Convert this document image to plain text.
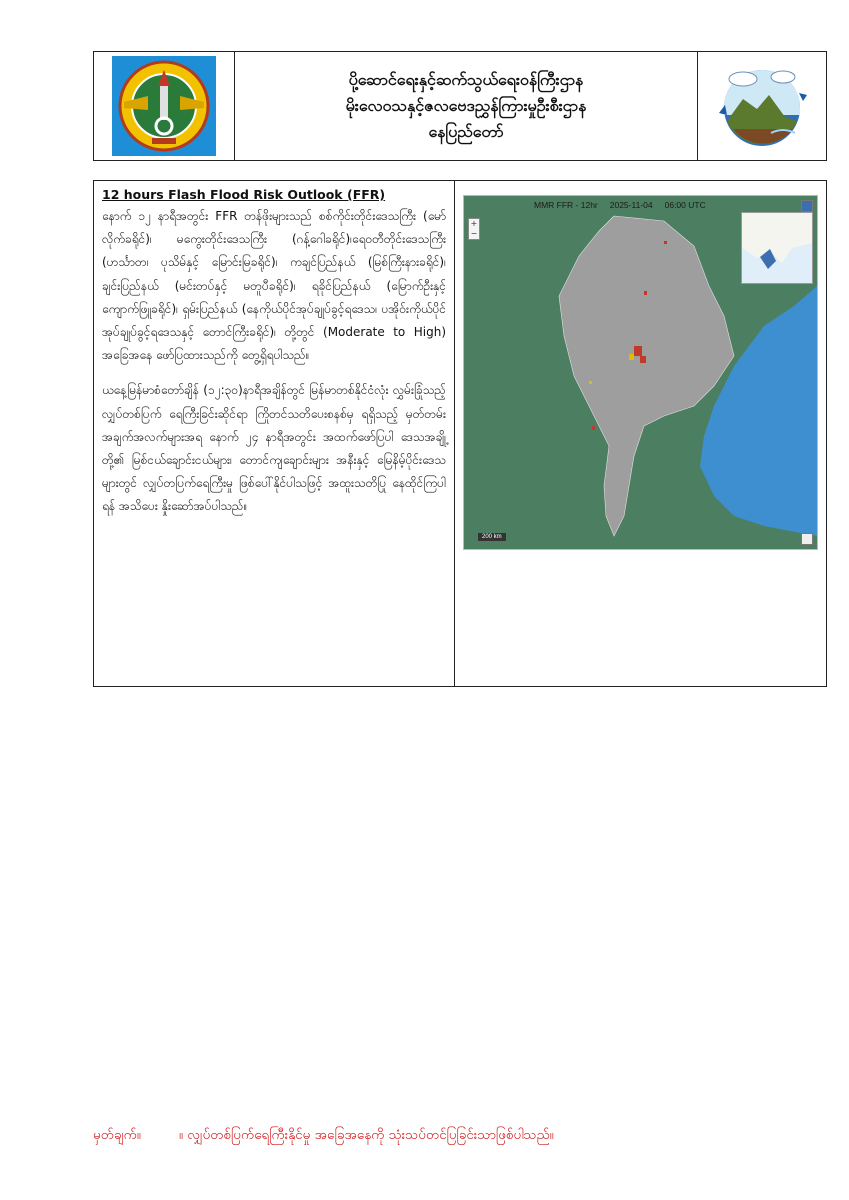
ပို့ဆောင်ရေးနှင့်ဆက်သွယ်ရေးဝန်ကြီးဌာန
မိုးလေဝသနှင့်ဇလဗေဒညွှန်ကြားမှုဦးစီးဌာန
နေပြည်တော်

12 hours Flash Flood Risk Outlook (FFR)

နောက် ၁၂ နာရီအတွင်း FFR တန်ဖိုးများသည် စစ်ကိုင်းတိုင်းဒေသကြီး (မော်လိုက်ခရိုင်)၊ မကွေးတိုင်းဒေသကြီး (ဂန့်ဂေါခရိုင်)၊ရေဝတီတိုင်းဒေသကြီး (ဟင်္သာတ၊ ပုသိမ်နှင့် မြောင်းမြခရိုင်)၊ ကချင်ပြည်နယ် (မြစ်ကြီးနားခရိုင်)၊ ချင်းပြည်နယ် (မင်းတပ်နှင့် မတူပီခရိုင်)၊ ရခိုင်ပြည်နယ် (မြောက်ဦးနှင့် ကျောက်ဖြူခရိုင်)၊ ရှမ်းပြည်နယ် (နေကိုယ်ပိုင်အုပ်ချုပ်ခွင့်ရဒေသ၊ ပအိုဝ်းကိုယ်ပိုင်အုပ်ချုပ်ခွင့်ရဒေသနှင့် တောင်ကြီးခရိုင်)၊ တို့တွင် (Moderate to High) အခြေအနေ ဖော်ပြထားသည်ကို တွေ့ရှိရပါသည်။

ယနေ့မြန်မာစံတော်ချိန် (၁၂:၃၀)နာရီအချိန်တွင် မြန်မာတစ်နိုင်ငံလုံး လွှမ်းခြုံသည့် လျှပ်တစ်ပြက် ရေကြီးခြင်းဆိုင်ရာ ကြိုတင်သတိပေးစနစ်မှ ရရှိသည့် မှတ်တမ်းအချက်အလက်များအရ နောက် ၂၄ နာရီအတွင်း အထက်ဖော်ပြပါ ဒေသအချို့တို့၏ မြစ်ငယ်ချောင်းငယ်များ၊ တောင်ကျချောင်းများ အနီးနှင့် မြေနိမ့်ပိုင်းဒေသများတွင် လျှပ်တပြက်ရေကြီးမှု ဖြစ်ပေါ်နိုင်ပါသဖြင့် အထူးသတိပြု နေထိုင်ကြပါရန် အသိပေး နှိုးဆော်အပ်ပါသည်။

MMR FFR - 12hr 2025-11-04 06:00 UTC
+
−
200 km
မှတ်ချက်။	။ လျှပ်တစ်ပြက်ရေကြီးနိုင်မှု အခြေအနေကို သုံးသပ်တင်ပြခြင်းသာဖြစ်ပါသည်။
